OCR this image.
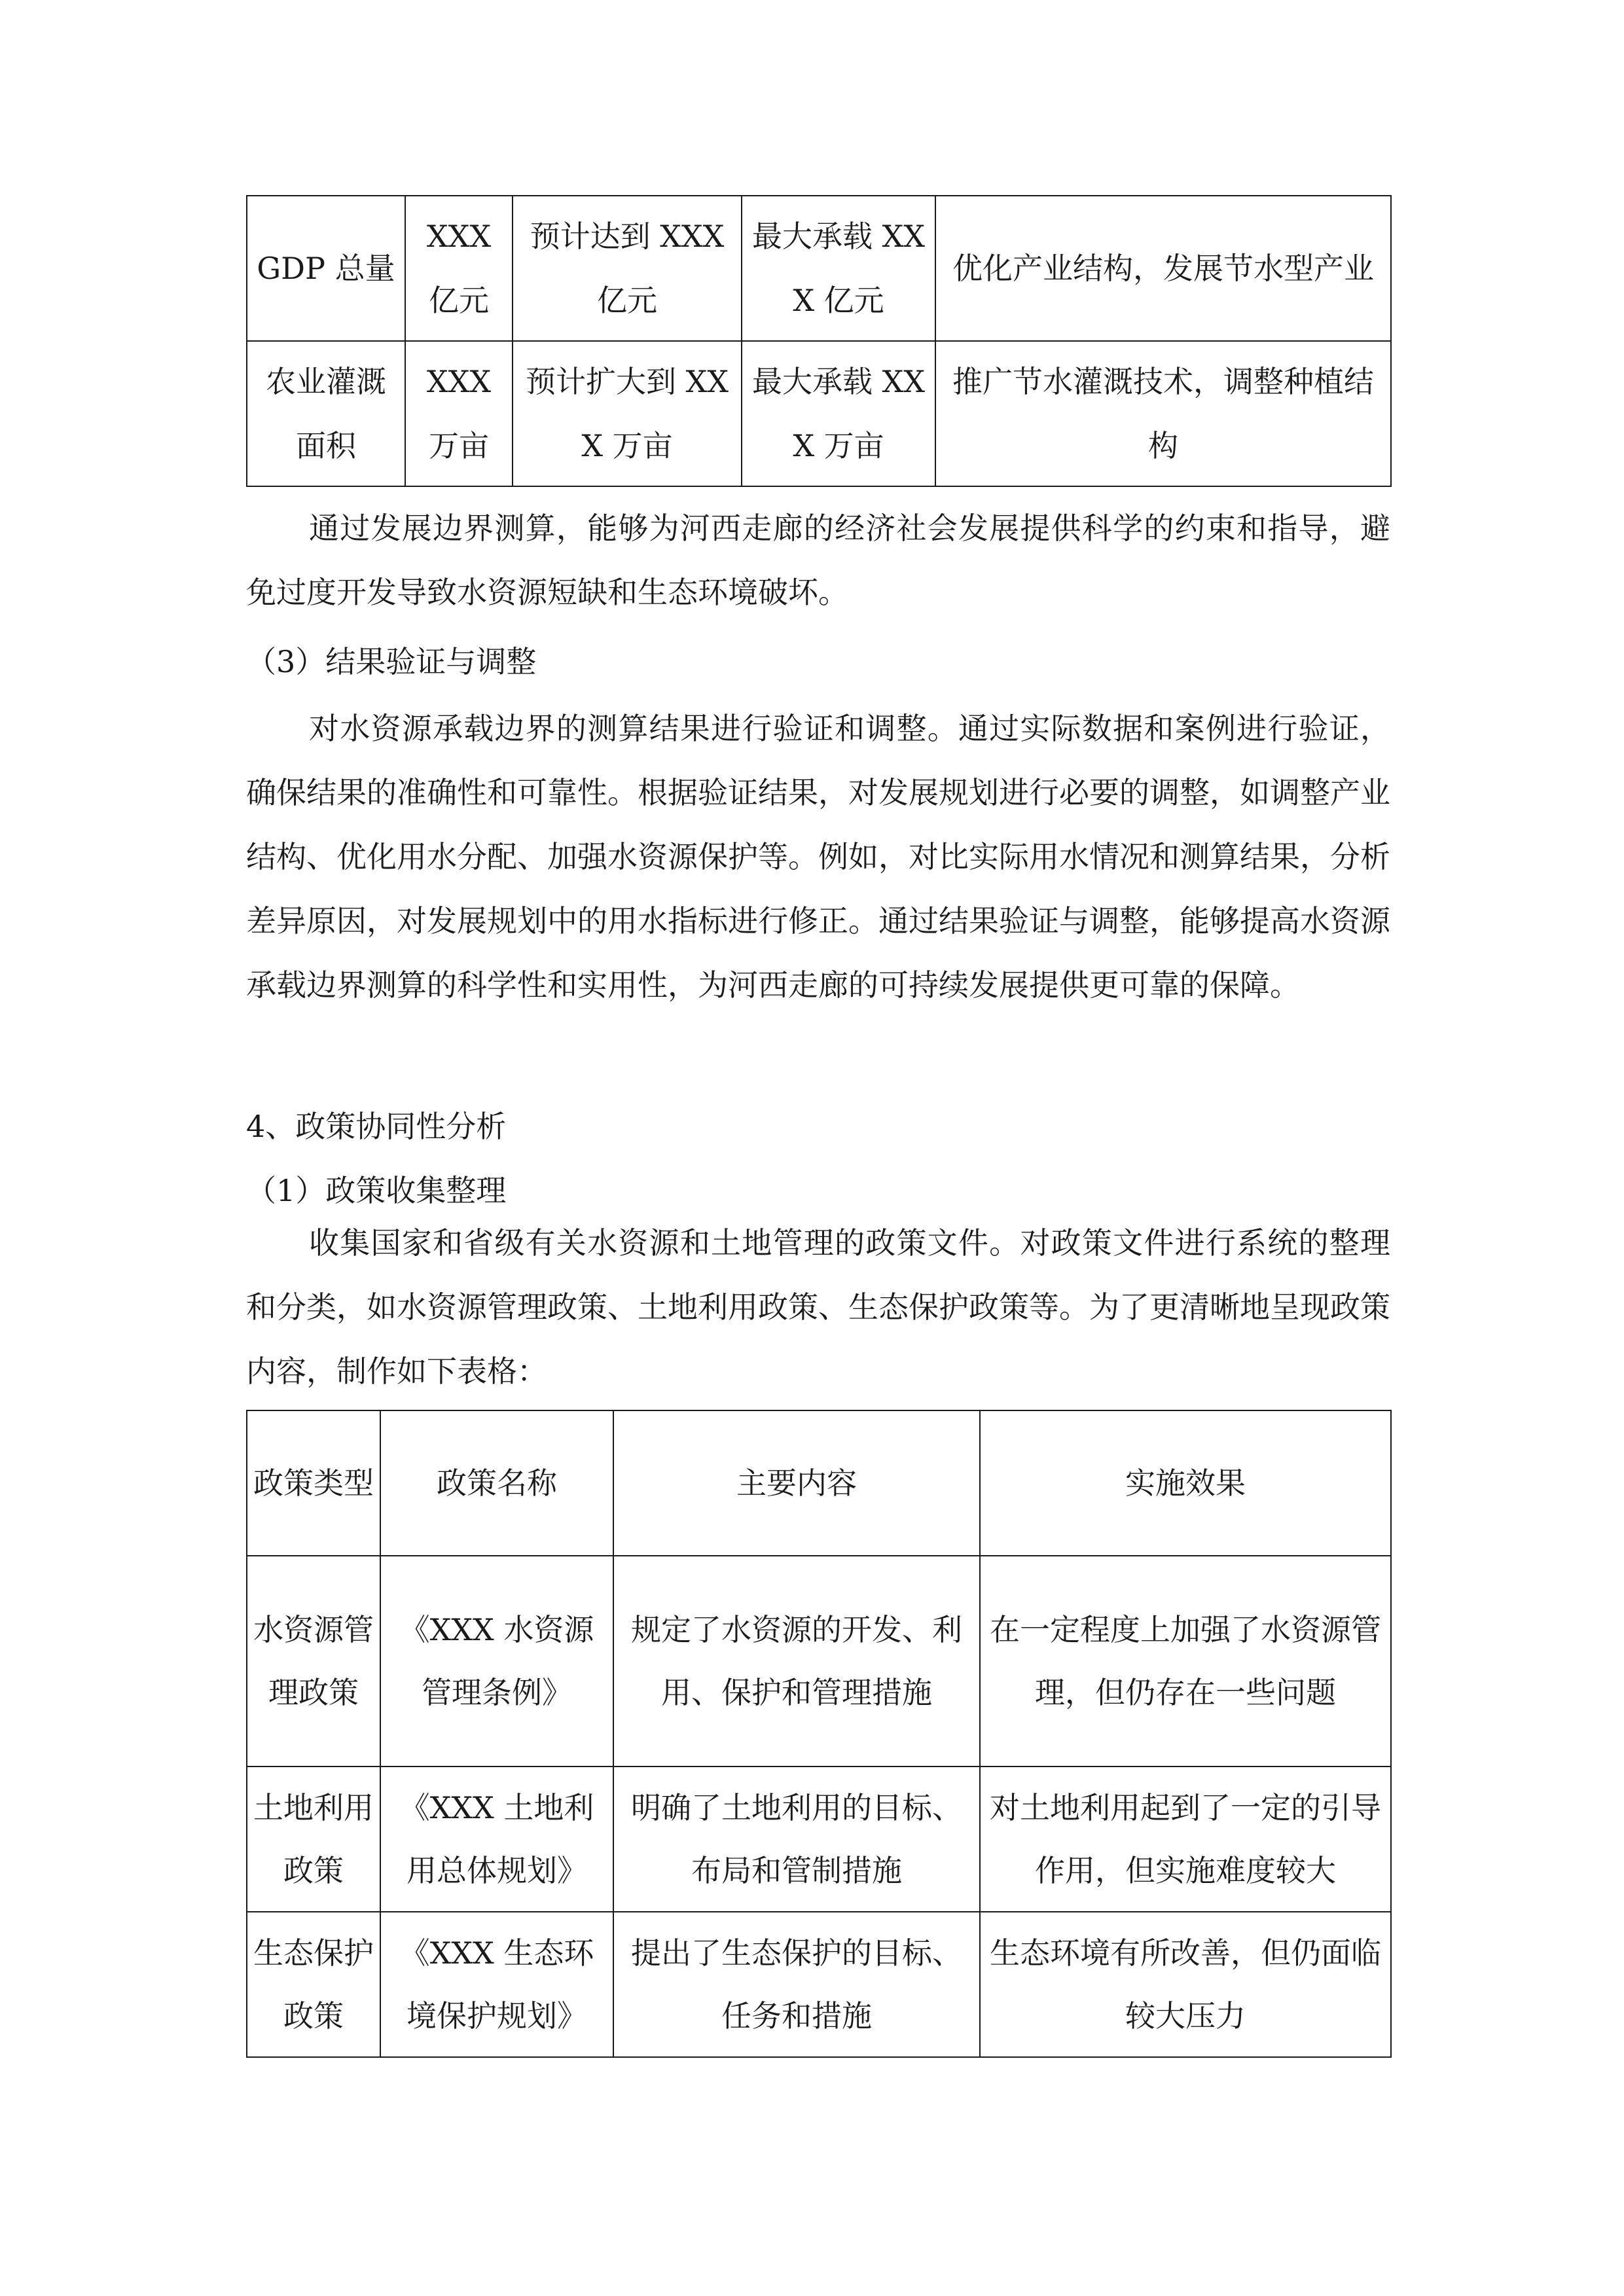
GDP 总量	XXX 亿元	预计达到 XXX 亿元	最大承载 XXX 亿元	优化产业结构，发展节水型产业
农业灌溉面积	XXX 万亩	预计扩大到 XXX 万亩	最大承载 XXX 万亩	推广节水灌溉技术，调整种植结构

通过发展边界测算，能够为河西走廊的经济社会发展提供科学的约束和指导，避免过度开发导致水资源短缺和生态环境破坏。

（3）结果验证与调整

对水资源承载边界的测算结果进行验证和调整。通过实际数据和案例进行验证，确保结果的准确性和可靠性。根据验证结果，对发展规划进行必要的调整，如调整产业结构、优化用水分配、加强水资源保护等。例如，对比实际用水情况和测算结果，分析差异原因，对发展规划中的用水指标进行修正。通过结果验证与调整，能够提高水资源承载边界测算的科学性和实用性，为河西走廊的可持续发展提供更可靠的保障。

4、政策协同性分析

（1）政策收集整理

收集国家和省级有关水资源和土地管理的政策文件。对政策文件进行系统的整理和分类，如水资源管理政策、土地利用政策、生态保护政策等。为了更清晰地呈现政策内容，制作如下表格：

政策类型	政策名称	主要内容	实施效果
水资源管理政策	《XXX 水资源管理条例》	规定了水资源的开发、利用、保护和管理措施	在一定程度上加强了水资源管理，但仍存在一些问题
土地利用政策	《XXX 土地利用总体规划》	明确了土地利用的目标、布局和管制措施	对土地利用起到了一定的引导作用，但实施难度较大
生态保护政策	《XXX 生态环境保护规划》	提出了生态保护的目标、任务和措施	生态环境有所改善，但仍面临较大压力
